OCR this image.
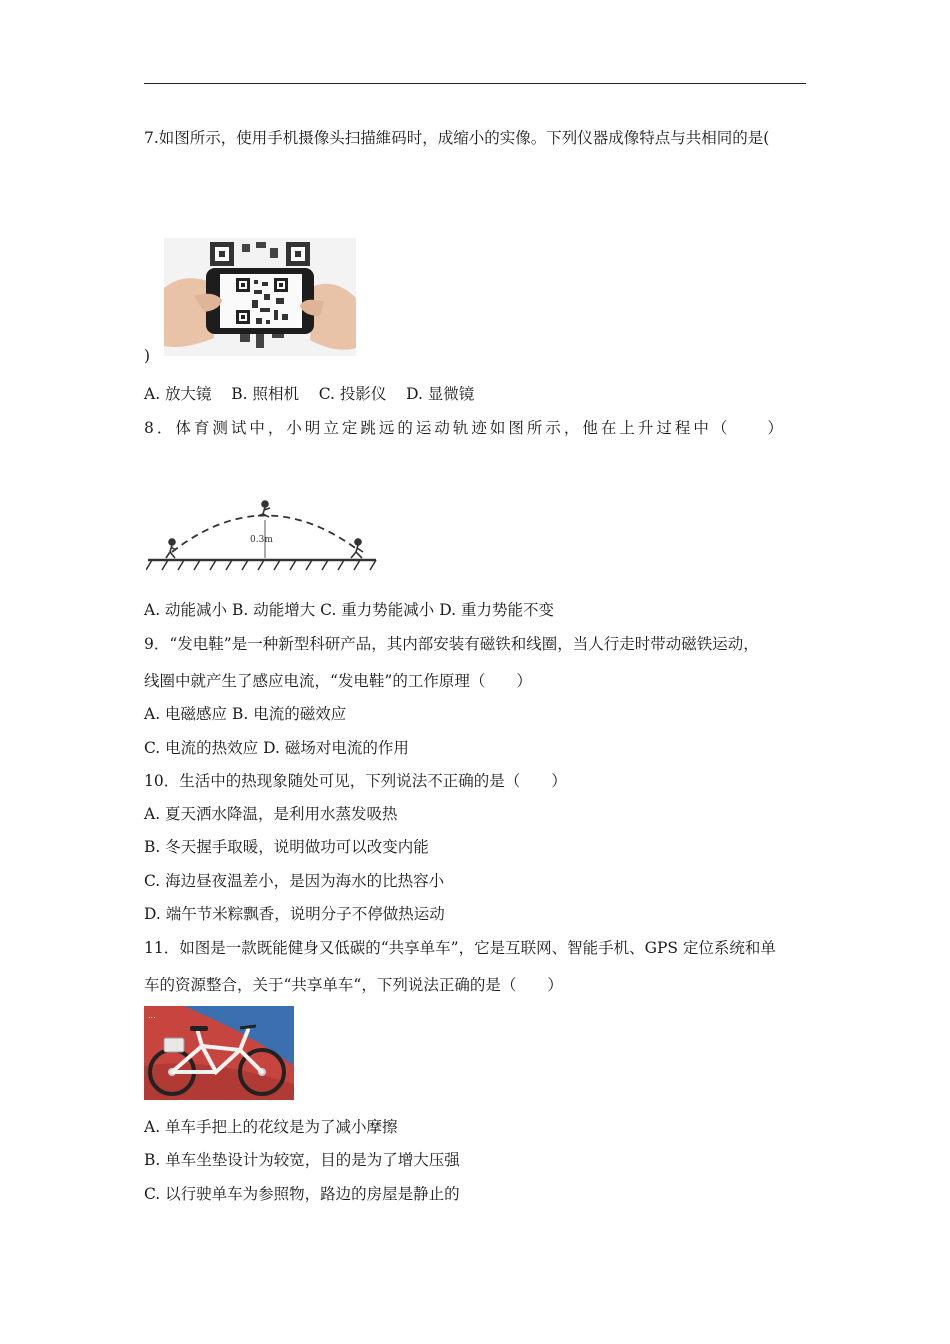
7.如图所示，使用手机摄像头扫描維码时，成缩小的实像。下列仪器成像特点与共相同的是(
)
A. 放大镜    B. 照相机    C. 投影仪    D. 显微镜
8．体育测试中，小明立定跳远的运动轨迹如图所示，他在上升过程中（　　）
0.3m
A. 动能减小 B. 动能增大 C. 重力势能减小 D. 重力势能不变
9．“发电鞋”是一种新型科研产品，其内部安装有磁铁和线圈，当人行走时带动磁铁运动，
线圈中就产生了感应电流，“发电鞋”的工作原理（　　）
A. 电磁感应 B. 电流的磁效应
C. 电流的热效应 D. 磁场对电流的作用
10．生活中的热现象随处可见，下列说法不正确的是（　　）
A. 夏天洒水降温，是利用水蒸发吸热
B. 冬天握手取暖，说明做功可以改变内能
C. 海边昼夜温差小，是因为海水的比热容小
D. 端午节米粽飘香，说明分子不停做热运动
11．如图是一款既能健身又低碳的“共享单车”，它是互联网、智能手机、GPS 定位系统和单
车的资源整合，关于“共享单车“，下列说法正确的是（　　）
...
A. 单车手把上的花纹是为了减小摩擦
B. 单车坐垫设计为较宽，目的是为了增大压强
C. 以行驶单车为参照物，路边的房屋是静止的
